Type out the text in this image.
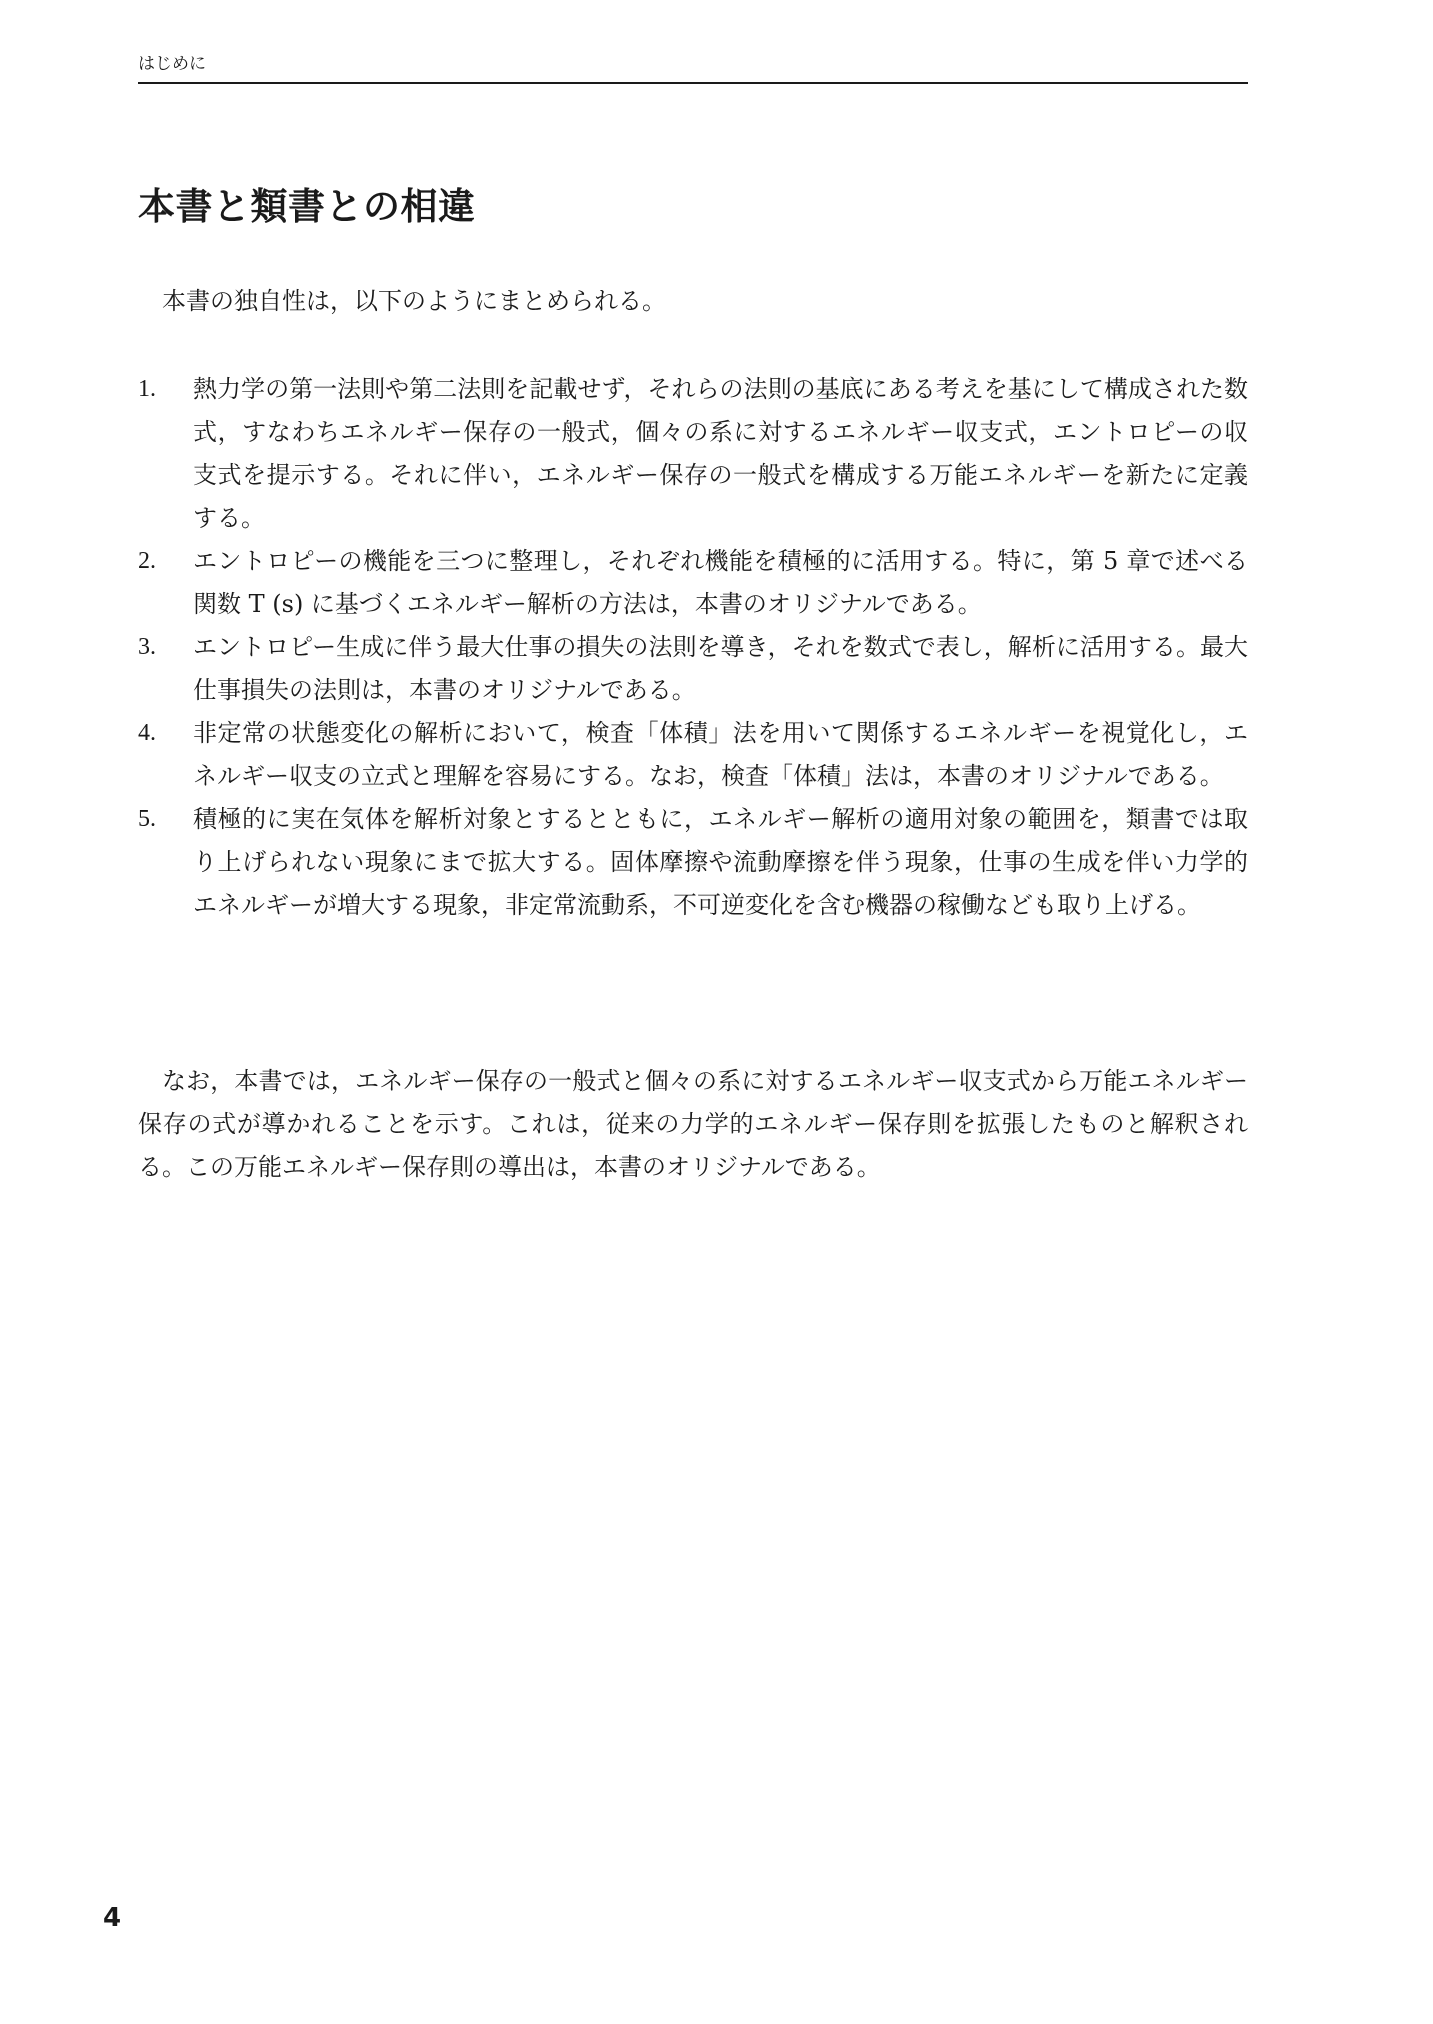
はじめに
本書と類書との相違

本書の独自性は，以下のようにまとめられる。

1. 熱力学の第一法則や第二法則を記載せず，それらの法則の基底にある考えを基にして構成された数式，すなわちエネルギー保存の一般式，個々の系に対するエネルギー収支式，エントロピーの収支式を提示する。それに伴い，エネルギー保存の一般式を構成する万能エネルギーを新たに定義する。
2. エントロピーの機能を三つに整理し，それぞれ機能を積極的に活用する。特に，第 5 章で述べる関数 T (s) に基づくエネルギー解析の方法は，本書のオリジナルである。
3. エントロピー生成に伴う最大仕事の損失の法則を導き，それを数式で表し，解析に活用する。最大仕事損失の法則は，本書のオリジナルである。
4. 非定常の状態変化の解析において，検査「体積」法を用いて関係するエネルギーを視覚化し，エネルギー収支の立式と理解を容易にする。なお，検査「体積」法は，本書のオリジナルである。
5. 積極的に実在気体を解析対象とするとともに，エネルギー解析の適用対象の範囲を，類書では取り上げられない現象にまで拡大する。固体摩擦や流動摩擦を伴う現象，仕事の生成を伴い力学的エネルギーが増大する現象，非定常流動系，不可逆変化を含む機器の稼働なども取り上げる。

なお，本書では，エネルギー保存の一般式と個々の系に対するエネルギー収支式から万能エネルギー保存の式が導かれることを示す。これは，従来の力学的エネルギー保存則を拡張したものと解釈される。この万能エネルギー保存則の導出は，本書のオリジナルである。

4
